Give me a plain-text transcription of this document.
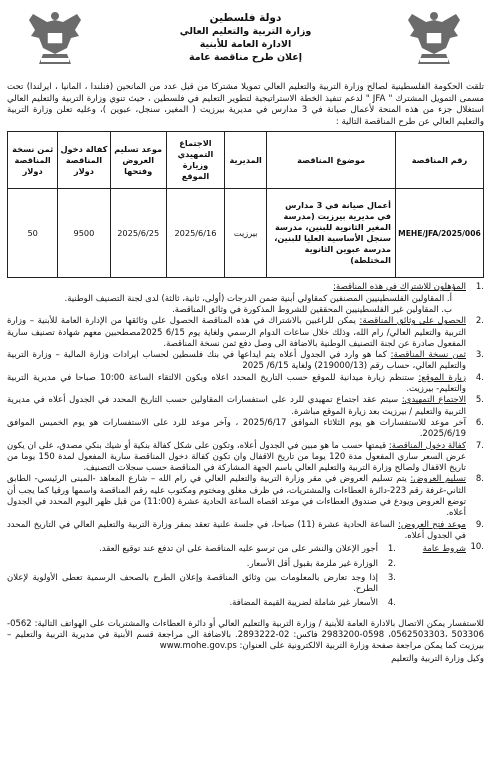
دولة فلسطين
وزارة التربية والتعليم العالي
الادارة العامة للأبنية
إعلان طرح مناقصة عامة
تلقت الحكومة الفلسطينية لصالح وزارة التربية والتعليم العالي تمويلا مشتركا من قبل عدد من المانحين (فنلندا ، المانيا ، ايرلندا) تحت مسمى التمويل المشترك " JFA " لدعم تنفيذ الخطة الاستراتيجية لتطوير التعليم في فلسطين ، حيث تنوي وزارة التربية والتعليم العالي استغلال جزء من هذه المنحة لأعمال صيانة في 3 مدارس في مديرية بيرزيت ( المغير، سنجل، عبوين )، وعليه تعلن وزارة التربية والتعليم العالي عن طرح المناقصة التالية :
رقم المناقصة	موضوع المناقصة	المديرية	الاجتماع التمهيدي وزيارة الموقع	موعد تسليم العروض وفتحها	كفالة دخول المناقصة دولار	ثمن نسخة المناقصة دولار
MEHE/JFA/2025/006	أعمال صيانة في 3 مدارس في مديرية بيرزيت (مدرسة المغير الثانوية للبنين، مدرسة سنجل الأساسية العليا للبنين، مدرسة عبوين الثانوية المختلطة)	بيرزيت	2025/6/16	2025/6/25	9500	50
.1
المؤهلون للاشتراك في هذه المناقصة:
أ. المقاولين الفلسطينيين المصنفين كمقاولي أبنية ضمن الدرجات (أولى، ثانية، ثالثة) لدى لجنة التصنيف الوطنية.
ب. المقاولين غير الفلسطينيين المحققين للشروط المذكورة في وثائق المناقصة.
.2
الحصول على وثائق المناقصة: يمكن للراغبين بالاشتراك في هذه المناقصة الحصول على وثائقها من الإدارة العامة للأبنية – وزارة التربية والتعليم العالي/ رام الله، وذلك خلال ساعات الدوام الرسمي ولغاية يوم 6/15 2025مصطحبين معهم شهادة تصنيف سارية المفعول صادرة عن لجنة التصنيف الوطنية بالاضافة الى وصل دفع ثمن نسخة المناقصة.
.3
ثمن نسخة المناقصة: كما هو وارد في الجدول أعلاه يتم ايداعها في بنك فلسطين لحساب ايرادات وزارة المالية – وزارة التربية والتعليم العالي، حساب رقم (219000/13) ولغاية 6/15/ 2025
.4
زيارة الموقع: ستنظم زيارة ميدانية للموقع حسب التاريخ المحدد اعلاه ويكون الالتقاء الساعة 10:00 صباحا في مديرية التربية والتعليم- بيرزيت.
.5
الاجتماع التمهيدي: سيتم عقد اجتماع تمهيدي للرد على استفسارات المقاولين حسب التاريخ المحدد في الجدول أعلاه في مديرية التربية والتعليم / بيرزيت بعد زيارة الموقع مباشرة.
.6
آخر موعد للاستفسارات هو يوم الثلاثاء الموافق 2025/6/17 ، وآخر موعد للرد على الاستفسارات هو يوم الخميس الموافق 2025/6/19.
.7
كفالة دخول المناقصة: قيمتها حسب ما هو مبين في الجدول أعلاه، وتكون على شكل كفالة بنكية أو شيك بنكي مصدق، على ان يكون عرض السعر ساري المفعول مدة 120 يوما من تاريخ الاقفال وان تكون كفالة دخول المناقصة سارية المفعول لمدة 150 يوما من تاريخ الاقفال ولصالح وزارة التربية والتعليم العالي باسم الجهة المشاركة في المناقصة حسب سجلات التصنيف.
.8
تسليم العروض: يتم تسليم العروض في مقر وزارة التربية والتعليم العالي في رام الله – شارع المعاهد -المبنى الرئيسي- الطابق الثاني-غرفة رقم 223-دائرة العطاءات والمشتريات، في ظرف مغلق ومختوم ومكتوب عليه رقم المناقصة واسمها ورقيا كما يجب أن توضع العروض ويودع في صندوق العطاءات في موعد اقصاه الساعة الحادية عشرة (11:00) من قبل ظهر اليوم المحدد في الجدول أعلاه.
.9
موعد فتح العروض: الساعة الحادية عشرة (11) صباحا، في جلسة علنية تعقد بمقر وزارة التربية والتعليم العالي في التاريخ المحدد في الجدول أعلاه.
.10
شروط عامة
.1
أجور الإعلان والنشر على من ترسو عليه المناقصة على ان تدفع عند توقيع العقد.
.2
الوزارة غير ملزمة بقبول أقل الأسعار.
.3
إذا وجد تعارض بالمعلومات بين وثائق المناقصة وإعلان الطرح بالصحف الرسمية تعطى الأولوية لإعلان الطرح.
.4
الأسعار غير شاملة لضريبة القيمة المضافة.
للاستفسار يمكن الاتصال بالادارة العامة للأبنية / وزارة التربية والتعليم العالي أو دائرة العطاءات والمشتريات على الهواتف التالية: 0562-503306 ،0562503303، 0598-2983200 فاكس: 02-2893222. بالاضافة الى مراجعة قسم الأبنية في مديرية التربية والتعليم – بيرزيت كما يمكن مراجعة صفحة وزارة التربية الالكترونية على العنوان: www.mohe.gov.ps
وكيل وزارة التربية والتعليم
